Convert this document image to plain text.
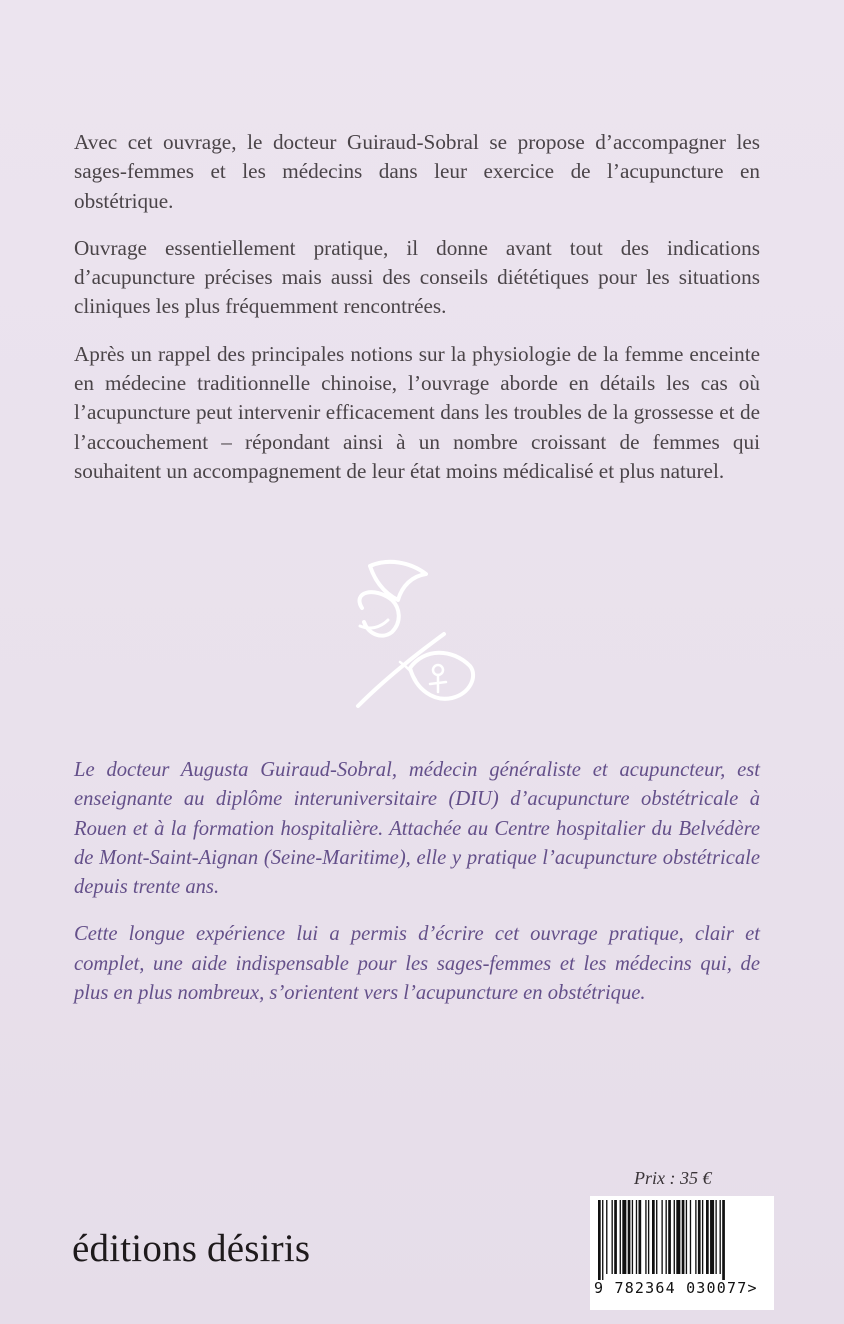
Avec cet ouvrage, le docteur Guiraud-Sobral se propose d’accompagner les sages-femmes et les médecins dans leur exercice de l’acupuncture en obstétrique.

Ouvrage essentiellement pratique, il donne avant tout des indications d’acupuncture précises mais aussi des conseils diététiques pour les situations cliniques les plus fréquemment rencontrées.

Après un rappel des principales notions sur la physiologie de la femme enceinte en médecine traditionnelle chinoise, l’ouvrage aborde en détails les cas où l’acupuncture peut intervenir efficacement dans les troubles de la grossesse et de l’accouchement – répondant ainsi à un nombre croissant de femmes qui souhaitent un accompagnement de leur état moins médicalisé et plus naturel.

Le docteur Augusta Guiraud-Sobral, médecin généraliste et acupuncteur, est enseignante au diplôme interuniversitaire (DIU) d’acupuncture obstétricale à Rouen et à la formation hospitalière. Attachée au Centre hospitalier du Belvédère de Mont-Saint-Aignan (Seine-Maritime), elle y pratique l’acupuncture obstétricale depuis trente ans.

Cette longue expérience lui a permis d’écrire cet ouvrage pratique, clair et complet, une aide indispensable pour les sages-femmes et les médecins qui, de plus en plus nombreux, s’orientent vers l’acupuncture en obstétrique.

Prix : 35 €
éditions désiris
9 782364 030077>
